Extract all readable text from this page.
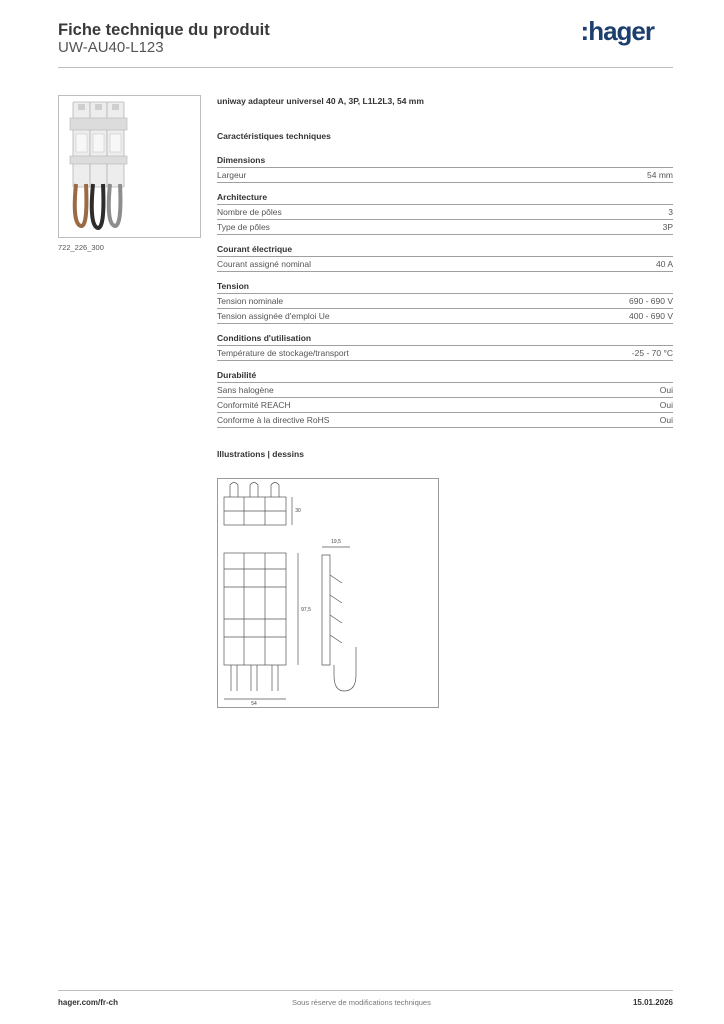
Fiche technique du produit
UW-AU40-L123
:hager
722_226_300
uniway adapteur universel 40 A, 3P, L1L2L3, 54 mm
Caractéristiques techniques
Dimensions
Largeur	54 mm
Architecture
Nombre de pôles	3
Type de pôles	3P
Courant électrique
Courant assigné nominal	40 A
Tension
Tension nominale	690 - 690 V
Tension assignée d'emploi Ue	400 - 690 V
Conditions d'utilisation
Température de stockage/transport	-25 - 70 °C
Durabilité
Sans halogène	Oui
Conformité REACH	Oui
Conforme à la directive RoHS	Oui
Illustrations | dessins
54
97,5
19,5
30
hager.com/fr-ch	Sous réserve de modifications techniques	15.01.2026
